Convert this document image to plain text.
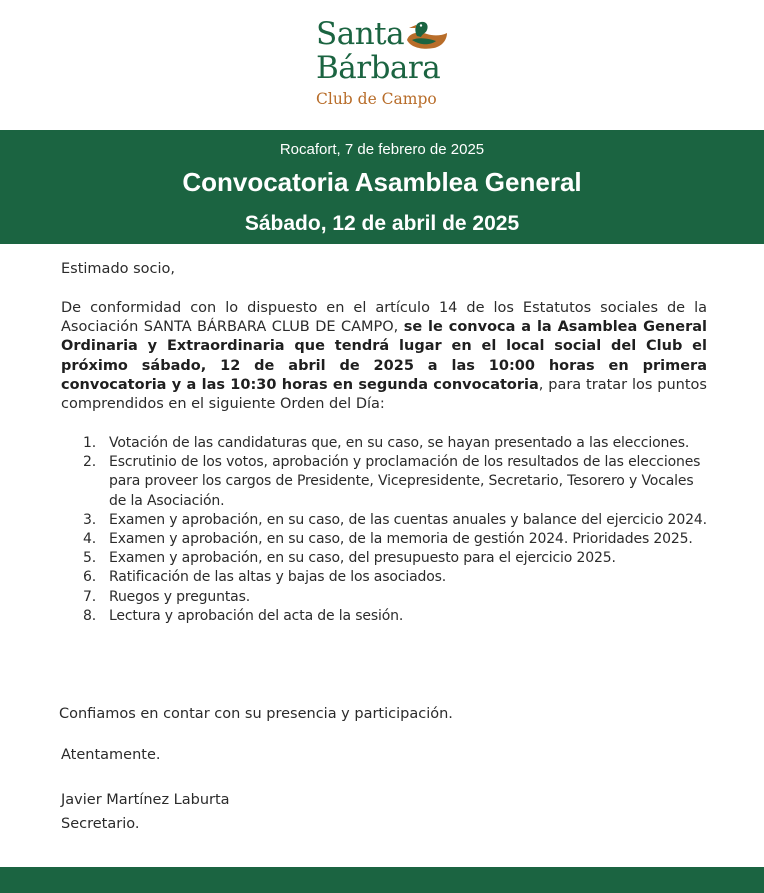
Santa
Bárbara
Club de Campo
Rocafort, 7 de febrero de 2025
Convocatoria Asamblea General
Sábado, 12 de abril de 2025
Estimado socio,
De conformidad con lo dispuesto en el artículo 14 de los Estatutos sociales de la Asociación SANTA BÁRBARA CLUB DE CAMPO, se le convoca a la Asamblea General Ordinaria y Extraordinaria que tendrá lugar en el local social del Club el próximo sábado, 12 de abril de 2025 a las 10:00 horas en primera convocatoria y a las 10:30 horas en segunda convocatoria, para tratar los puntos comprendidos en el siguiente Orden del Día:
1. Votación de las candidaturas que, en su caso, se hayan presentado a las elecciones.
2. Escrutinio de los votos, aprobación y proclamación de los resultados de las elecciones para proveer los cargos de Presidente, Vicepresidente, Secretario, Tesorero y Vocales de la Asociación.
3. Examen y aprobación, en su caso, de las cuentas anuales y balance del ejercicio 2024.
4. Examen y aprobación, en su caso, de la memoria de gestión 2024. Prioridades 2025.
5. Examen y aprobación, en su caso, del presupuesto para el ejercicio 2025.
6. Ratificación de las altas y bajas de los asociados.
7. Ruegos y preguntas.
8. Lectura y aprobación del acta de la sesión.
Confiamos en contar con su presencia y participación.
Atentamente.
Javier Martínez Laburta
Secretario.
